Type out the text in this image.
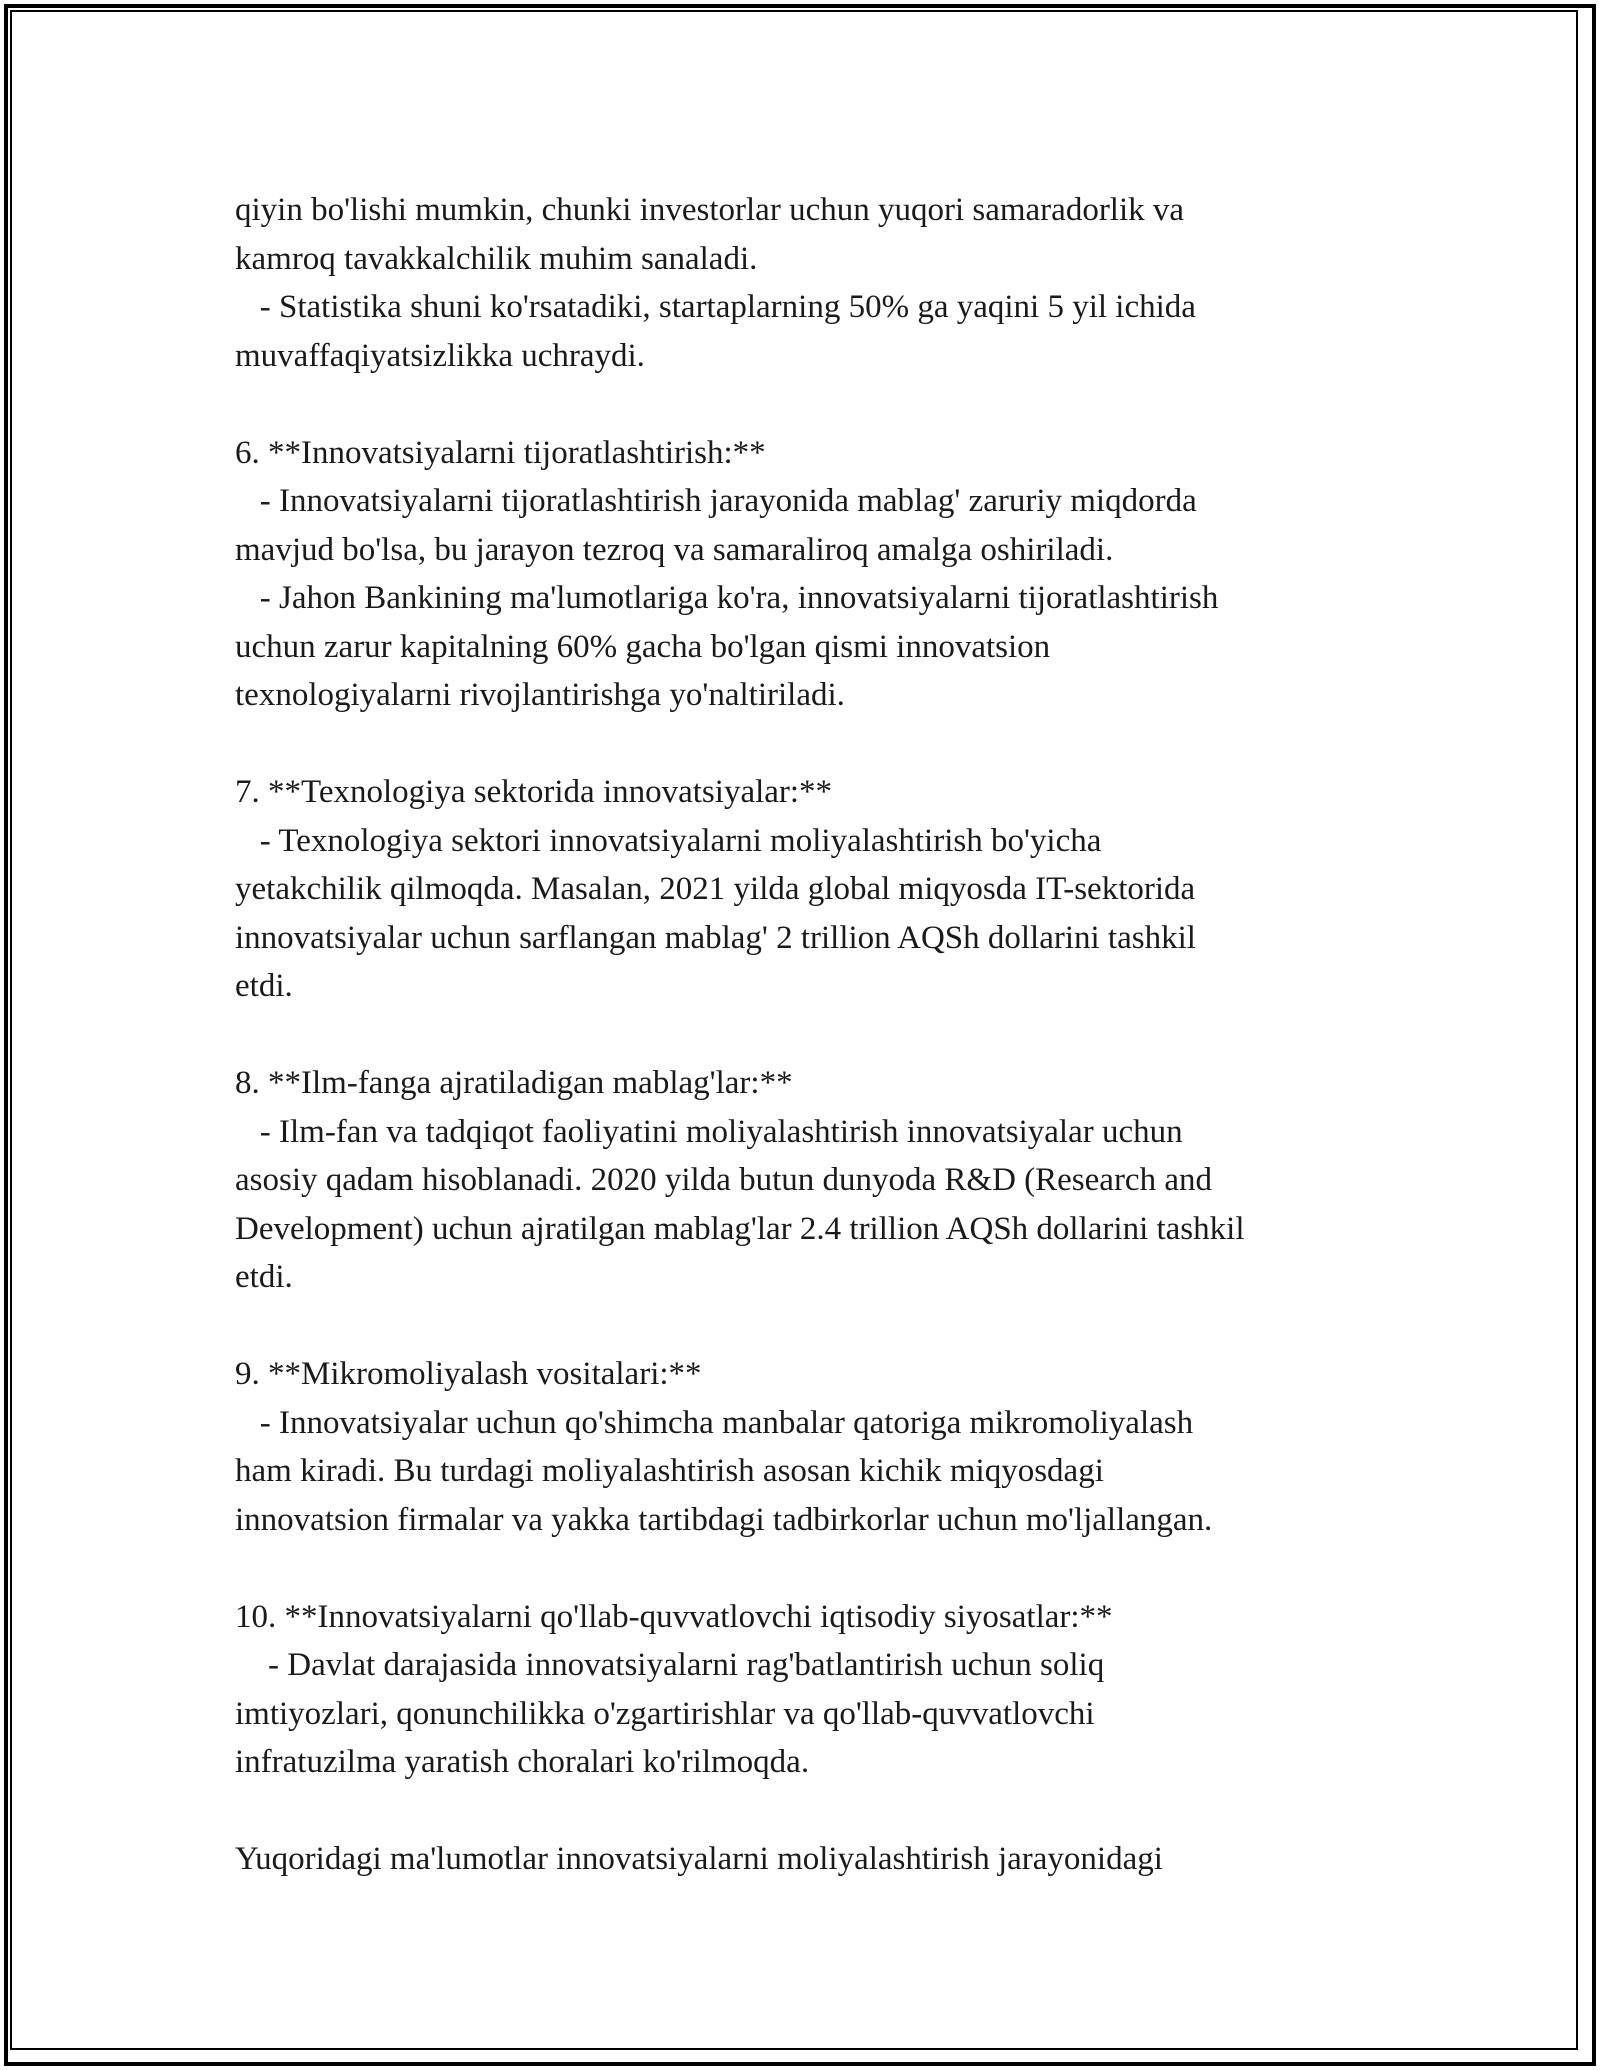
qiyin bo'lishi mumkin, chunki investorlar uchun yuqori samaradorlik va
kamroq tavakkalchilik muhim sanaladi.
- Statistika shuni ko'rsatadiki, startaplarning 50% ga yaqini 5 yil ichida
muvaffaqiyatsizlikka uchraydi.
6. **Innovatsiyalarni tijoratlashtirish:**
- Innovatsiyalarni tijoratlashtirish jarayonida mablag' zaruriy miqdorda
mavjud bo'lsa, bu jarayon tezroq va samaraliroq amalga oshiriladi.
- Jahon Bankining ma'lumotlariga ko'ra, innovatsiyalarni tijoratlashtirish
uchun zarur kapitalning 60% gacha bo'lgan qismi innovatsion
texnologiyalarni rivojlantirishga yo'naltiriladi.
7. **Texnologiya sektorida innovatsiyalar:**
- Texnologiya sektori innovatsiyalarni moliyalashtirish bo'yicha
yetakchilik qilmoqda. Masalan, 2021 yilda global miqyosda IT-sektorida
innovatsiyalar uchun sarflangan mablag' 2 trillion AQSh dollarini tashkil
etdi.
8. **Ilm-fanga ajratiladigan mablag'lar:**
- Ilm-fan va tadqiqot faoliyatini moliyalashtirish innovatsiyalar uchun
asosiy qadam hisoblanadi. 2020 yilda butun dunyoda R&D (Research and
Development) uchun ajratilgan mablag'lar 2.4 trillion AQSh dollarini tashkil
etdi.
9. **Mikromoliyalash vositalari:**
- Innovatsiyalar uchun qo'shimcha manbalar qatoriga mikromoliyalash
ham kiradi. Bu turdagi moliyalashtirish asosan kichik miqyosdagi
innovatsion firmalar va yakka tartibdagi tadbirkorlar uchun mo'ljallangan.
10. **Innovatsiyalarni qo'llab-quvvatlovchi iqtisodiy siyosatlar:**
- Davlat darajasida innovatsiyalarni rag'batlantirish uchun soliq
imtiyozlari, qonunchilikka o'zgartirishlar va qo'llab-quvvatlovchi
infratuzilma yaratish choralari ko'rilmoqda.
Yuqoridagi ma'lumotlar innovatsiyalarni moliyalashtirish jarayonidagi
